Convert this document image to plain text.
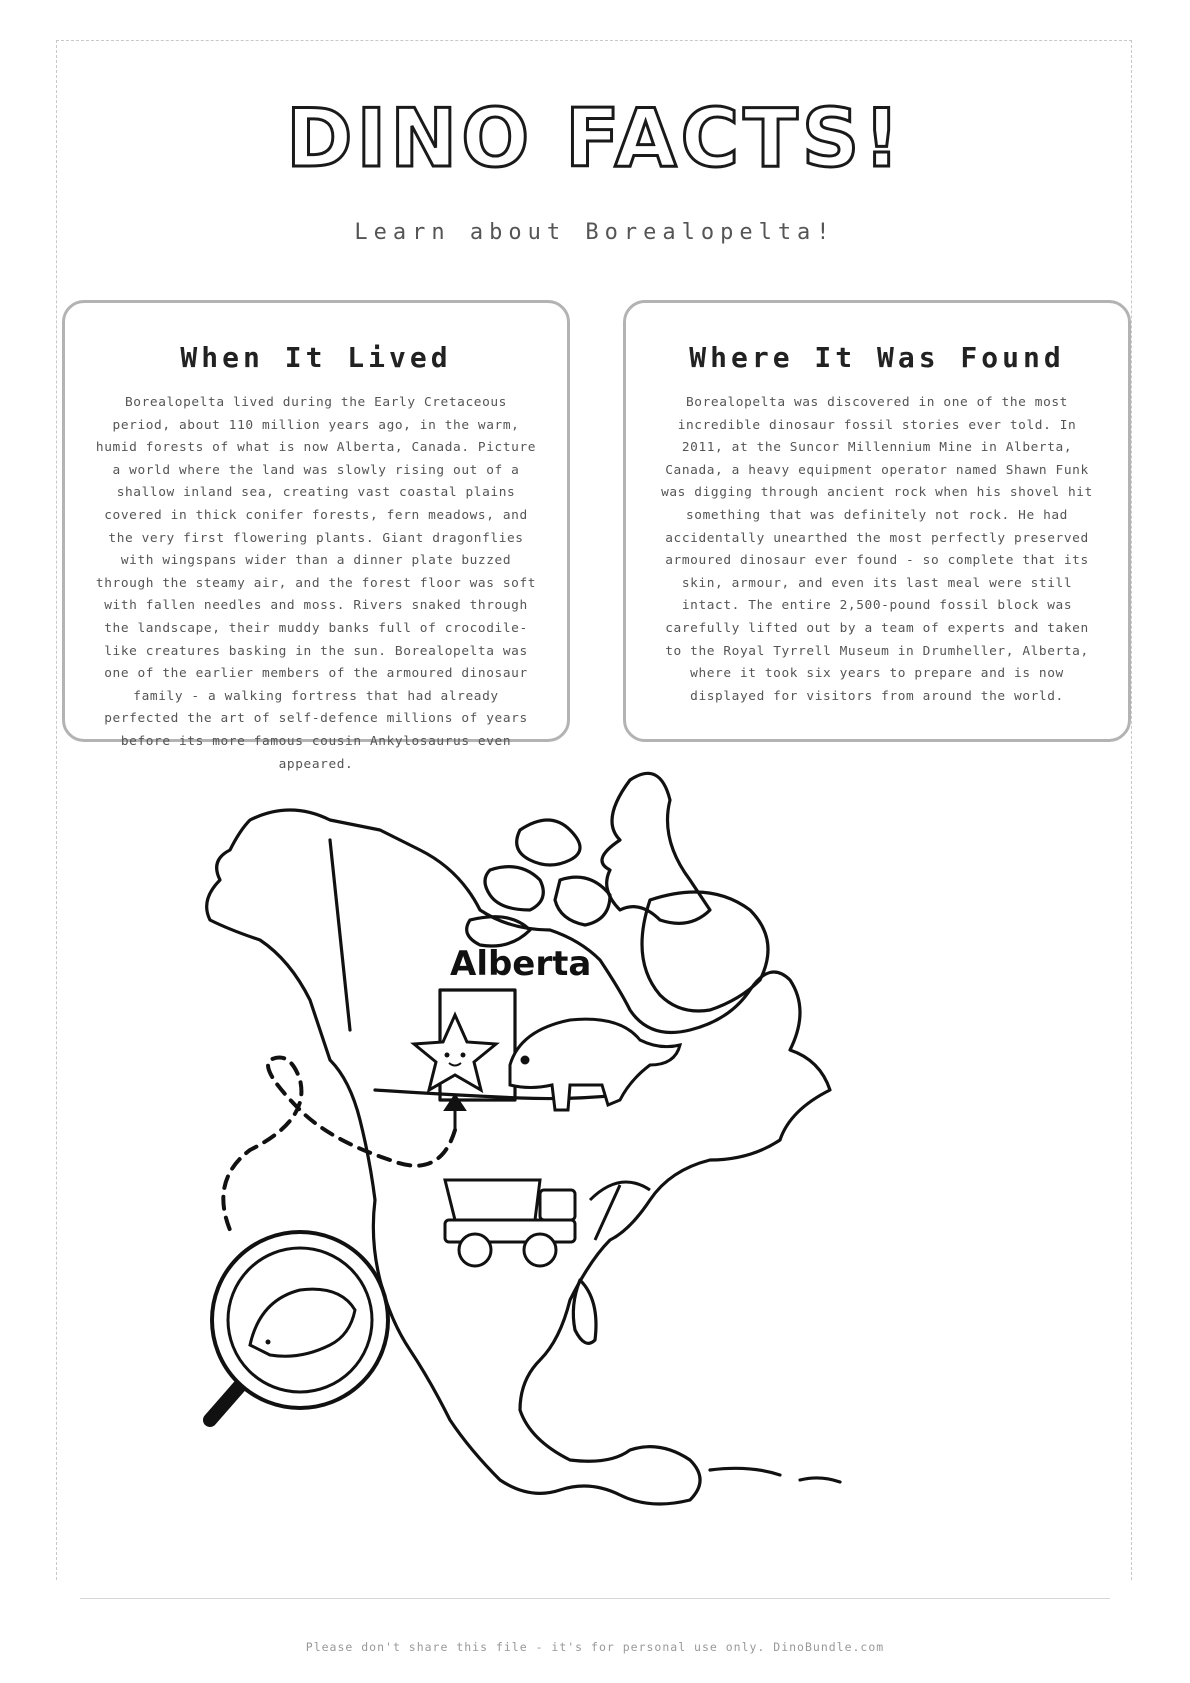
DINO FACTS!
Learn about Borealopelta!
When It Lived

Borealopelta lived during the Early Cretaceous period, about 110 million years ago, in the warm, humid forests of what is now Alberta, Canada. Picture a world where the land was slowly rising out of a shallow inland sea, creating vast coastal plains covered in thick conifer forests, fern meadows, and the very first flowering plants. Giant dragonflies with wingspans wider than a dinner plate buzzed through the steamy air, and the forest floor was soft with fallen needles and moss. Rivers snaked through the landscape, their muddy banks full of crocodile-like creatures basking in the sun. Borealopelta was one of the earlier members of the armoured dinosaur family - a walking fortress that had already perfected the art of self-defence millions of years before its more famous cousin Ankylosaurus even appeared.

Where It Was Found

Borealopelta was discovered in one of the most incredible dinosaur fossil stories ever told. In 2011, at the Suncor Millennium Mine in Alberta, Canada, a heavy equipment operator named Shawn Funk was digging through ancient rock when his shovel hit something that was definitely not rock. He had accidentally unearthed the most perfectly preserved armoured dinosaur ever found - so complete that its skin, armour, and even its last meal were still intact. The entire 2,500-pound fossil block was carefully lifted out by a team of experts and taken to the Royal Tyrrell Museum in Drumheller, Alberta, where it took six years to prepare and is now displayed for visitors from around the world.

Alberta
Please don't share this file - it's for personal use only. DinoBundle.com
